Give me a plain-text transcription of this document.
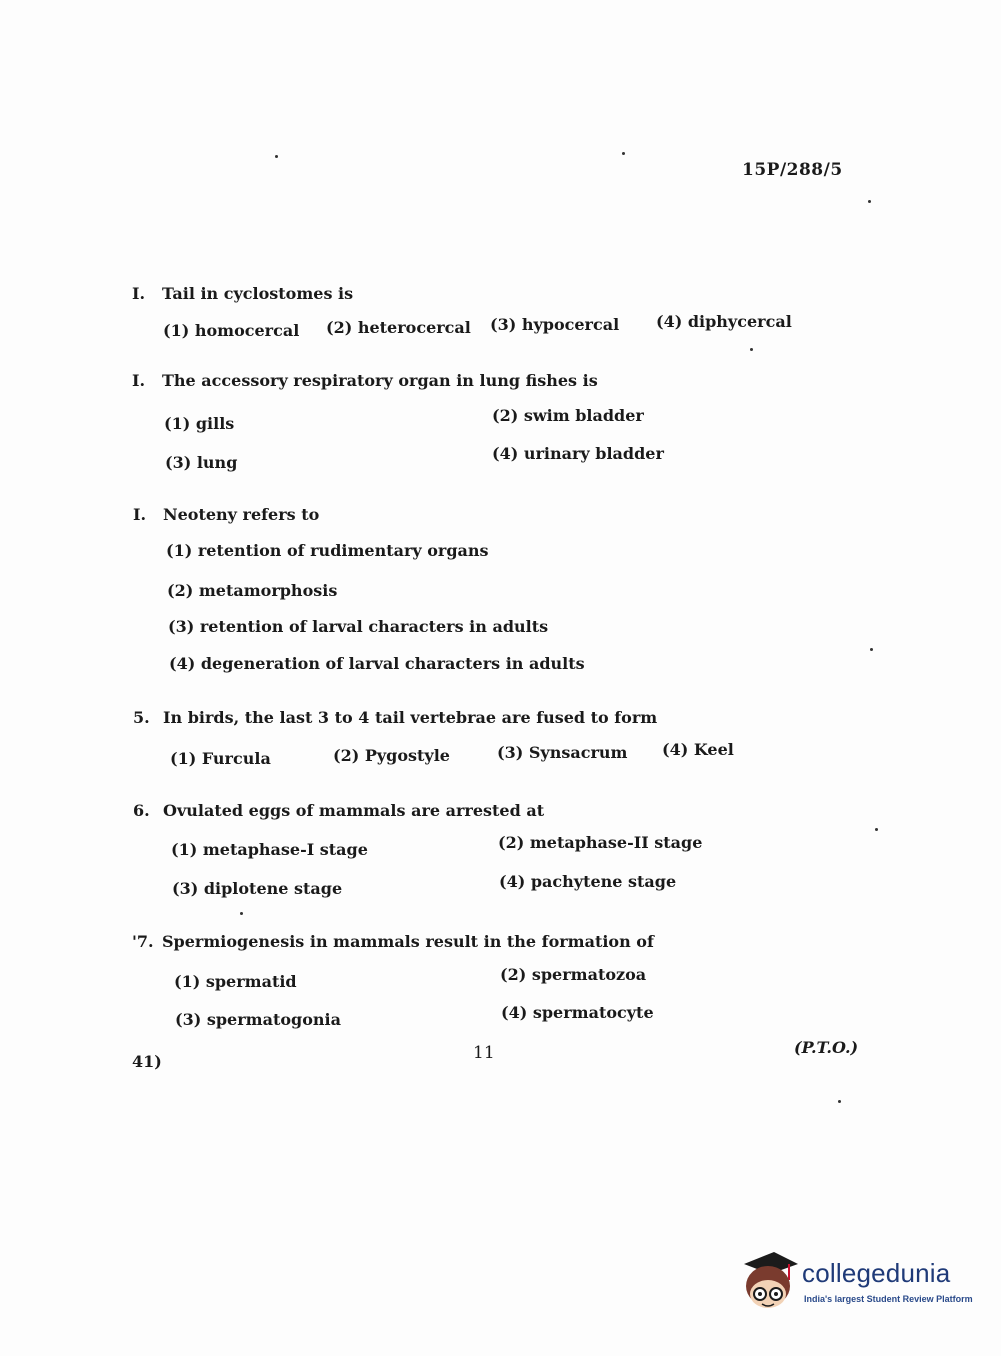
15P/288/5
I. Tail in cyclostomes is
(1) homocercal (2) heterocercal (3) hypocercal (4) diphycercal
I. The accessory respiratory organ in lung fishes is
(1) gills	(2) swim bladder
(3) lung	(4) urinary bladder
I. Neoteny refers to
(1) retention of rudimentary organs
(2) metamorphosis
(3) retention of larval characters in adults
(4) degeneration of larval characters in adults
5. In birds, the last 3 to 4 tail vertebrae are fused to form
(1) Furcula	(2) Pygostyle	(3) Synsacrum (4) Keel
6. Ovulated eggs of mammals are arrested at
(1) metaphase-I stage	(2) metaphase-II stage
(3) diplotene stage	(4) pachytene stage
'7. Spermiogenesis in mammals result in the formation of
(1) spermatid	(2) spermatozoa
(3) spermatogonia	(4) spermatocyte
41)	11	(P.T.O.)
collegedunia
India's largest Student Review Platform
